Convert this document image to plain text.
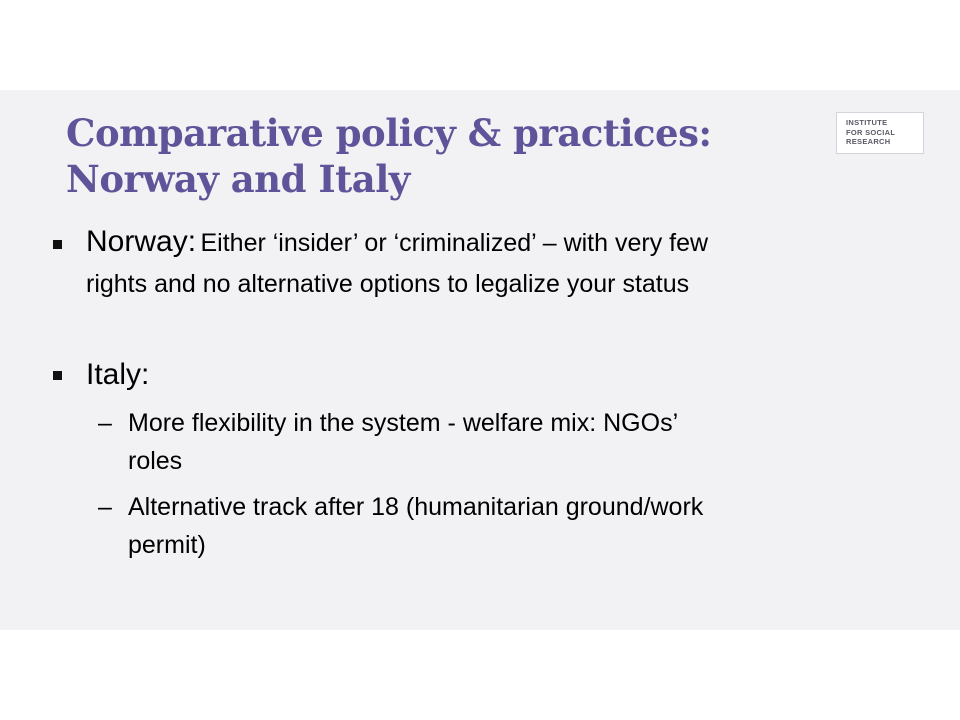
Comparative policy & practices:
Norway and Italy
INSTITUTE
FOR SOCIAL
RESEARCH
Norway: Either ‘insider’ or ‘criminalized’ – with very few
rights and no alternative options to legalize your status
Italy:
– More flexibility in the system - welfare mix: NGOs’
roles
– Alternative track after 18 (humanitarian ground/work
permit)
